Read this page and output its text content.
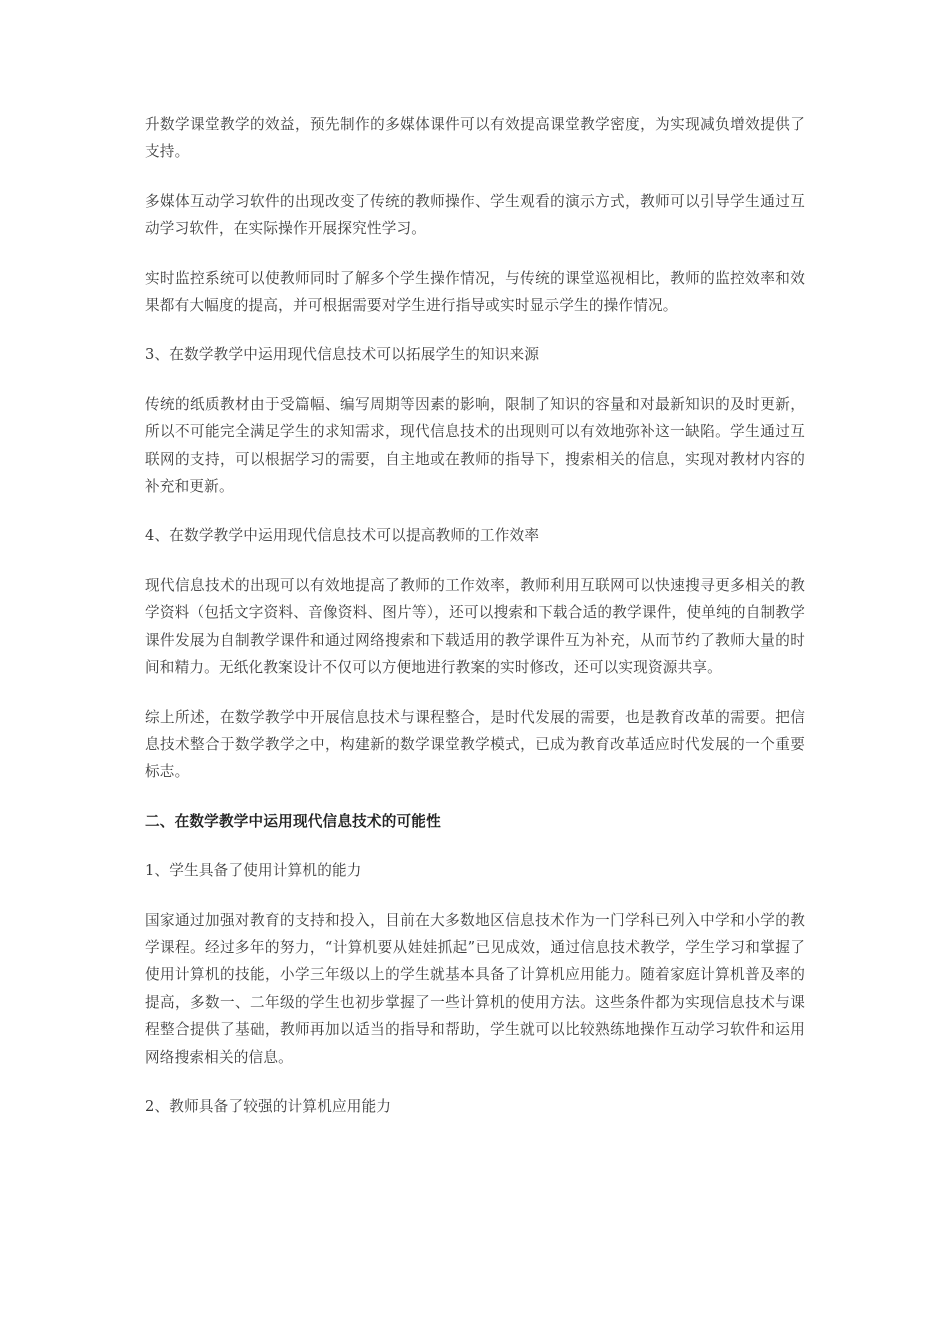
升数学课堂教学的效益，预先制作的多媒体课件可以有效提高课堂教学密度，为实现减负增效提供了支持。

多媒体互动学习软件的出现改变了传统的教师操作、学生观看的演示方式，教师可以引导学生通过互动学习软件，在实际操作开展探究性学习。

实时监控系统可以使教师同时了解多个学生操作情况，与传统的课堂巡视相比，教师的监控效率和效果都有大幅度的提高，并可根据需要对学生进行指导或实时显示学生的操作情况。

3、在数学教学中运用现代信息技术可以拓展学生的知识来源

传统的纸质教材由于受篇幅、编写周期等因素的影响，限制了知识的容量和对最新知识的及时更新，所以不可能完全满足学生的求知需求，现代信息技术的出现则可以有效地弥补这一缺陷。学生通过互联网的支持，可以根据学习的需要，自主地或在教师的指导下，搜索相关的信息，实现对教材内容的补充和更新。

4、在数学教学中运用现代信息技术可以提高教师的工作效率

现代信息技术的出现可以有效地提高了教师的工作效率，教师利用互联网可以快速搜寻更多相关的教学资料（包括文字资料、音像资料、图片等），还可以搜索和下载合适的教学课件，使单纯的自制教学课件发展为自制教学课件和通过网络搜索和下载适用的教学课件互为补充，从而节约了教师大量的时间和精力。无纸化教案设计不仅可以方便地进行教案的实时修改，还可以实现资源共享。

综上所述，在数学教学中开展信息技术与课程整合，是时代发展的需要，也是教育改革的需要。把信息技术整合于数学教学之中，构建新的数学课堂教学模式，已成为教育改革适应时代发展的一个重要标志。

二、在数学教学中运用现代信息技术的可能性

1、学生具备了使用计算机的能力

国家通过加强对教育的支持和投入，目前在大多数地区信息技术作为一门学科已列入中学和小学的教学课程。经过多年的努力，“计算机要从娃娃抓起”已见成效，通过信息技术教学，学生学习和掌握了使用计算机的技能，小学三年级以上的学生就基本具备了计算机应用能力。随着家庭计算机普及率的提高，多数一、二年级的学生也初步掌握了一些计算机的使用方法。这些条件都为实现信息技术与课程整合提供了基础，教师再加以适当的指导和帮助，学生就可以比较熟练地操作互动学习软件和运用网络搜索相关的信息。

2、教师具备了较强的计算机应用能力
